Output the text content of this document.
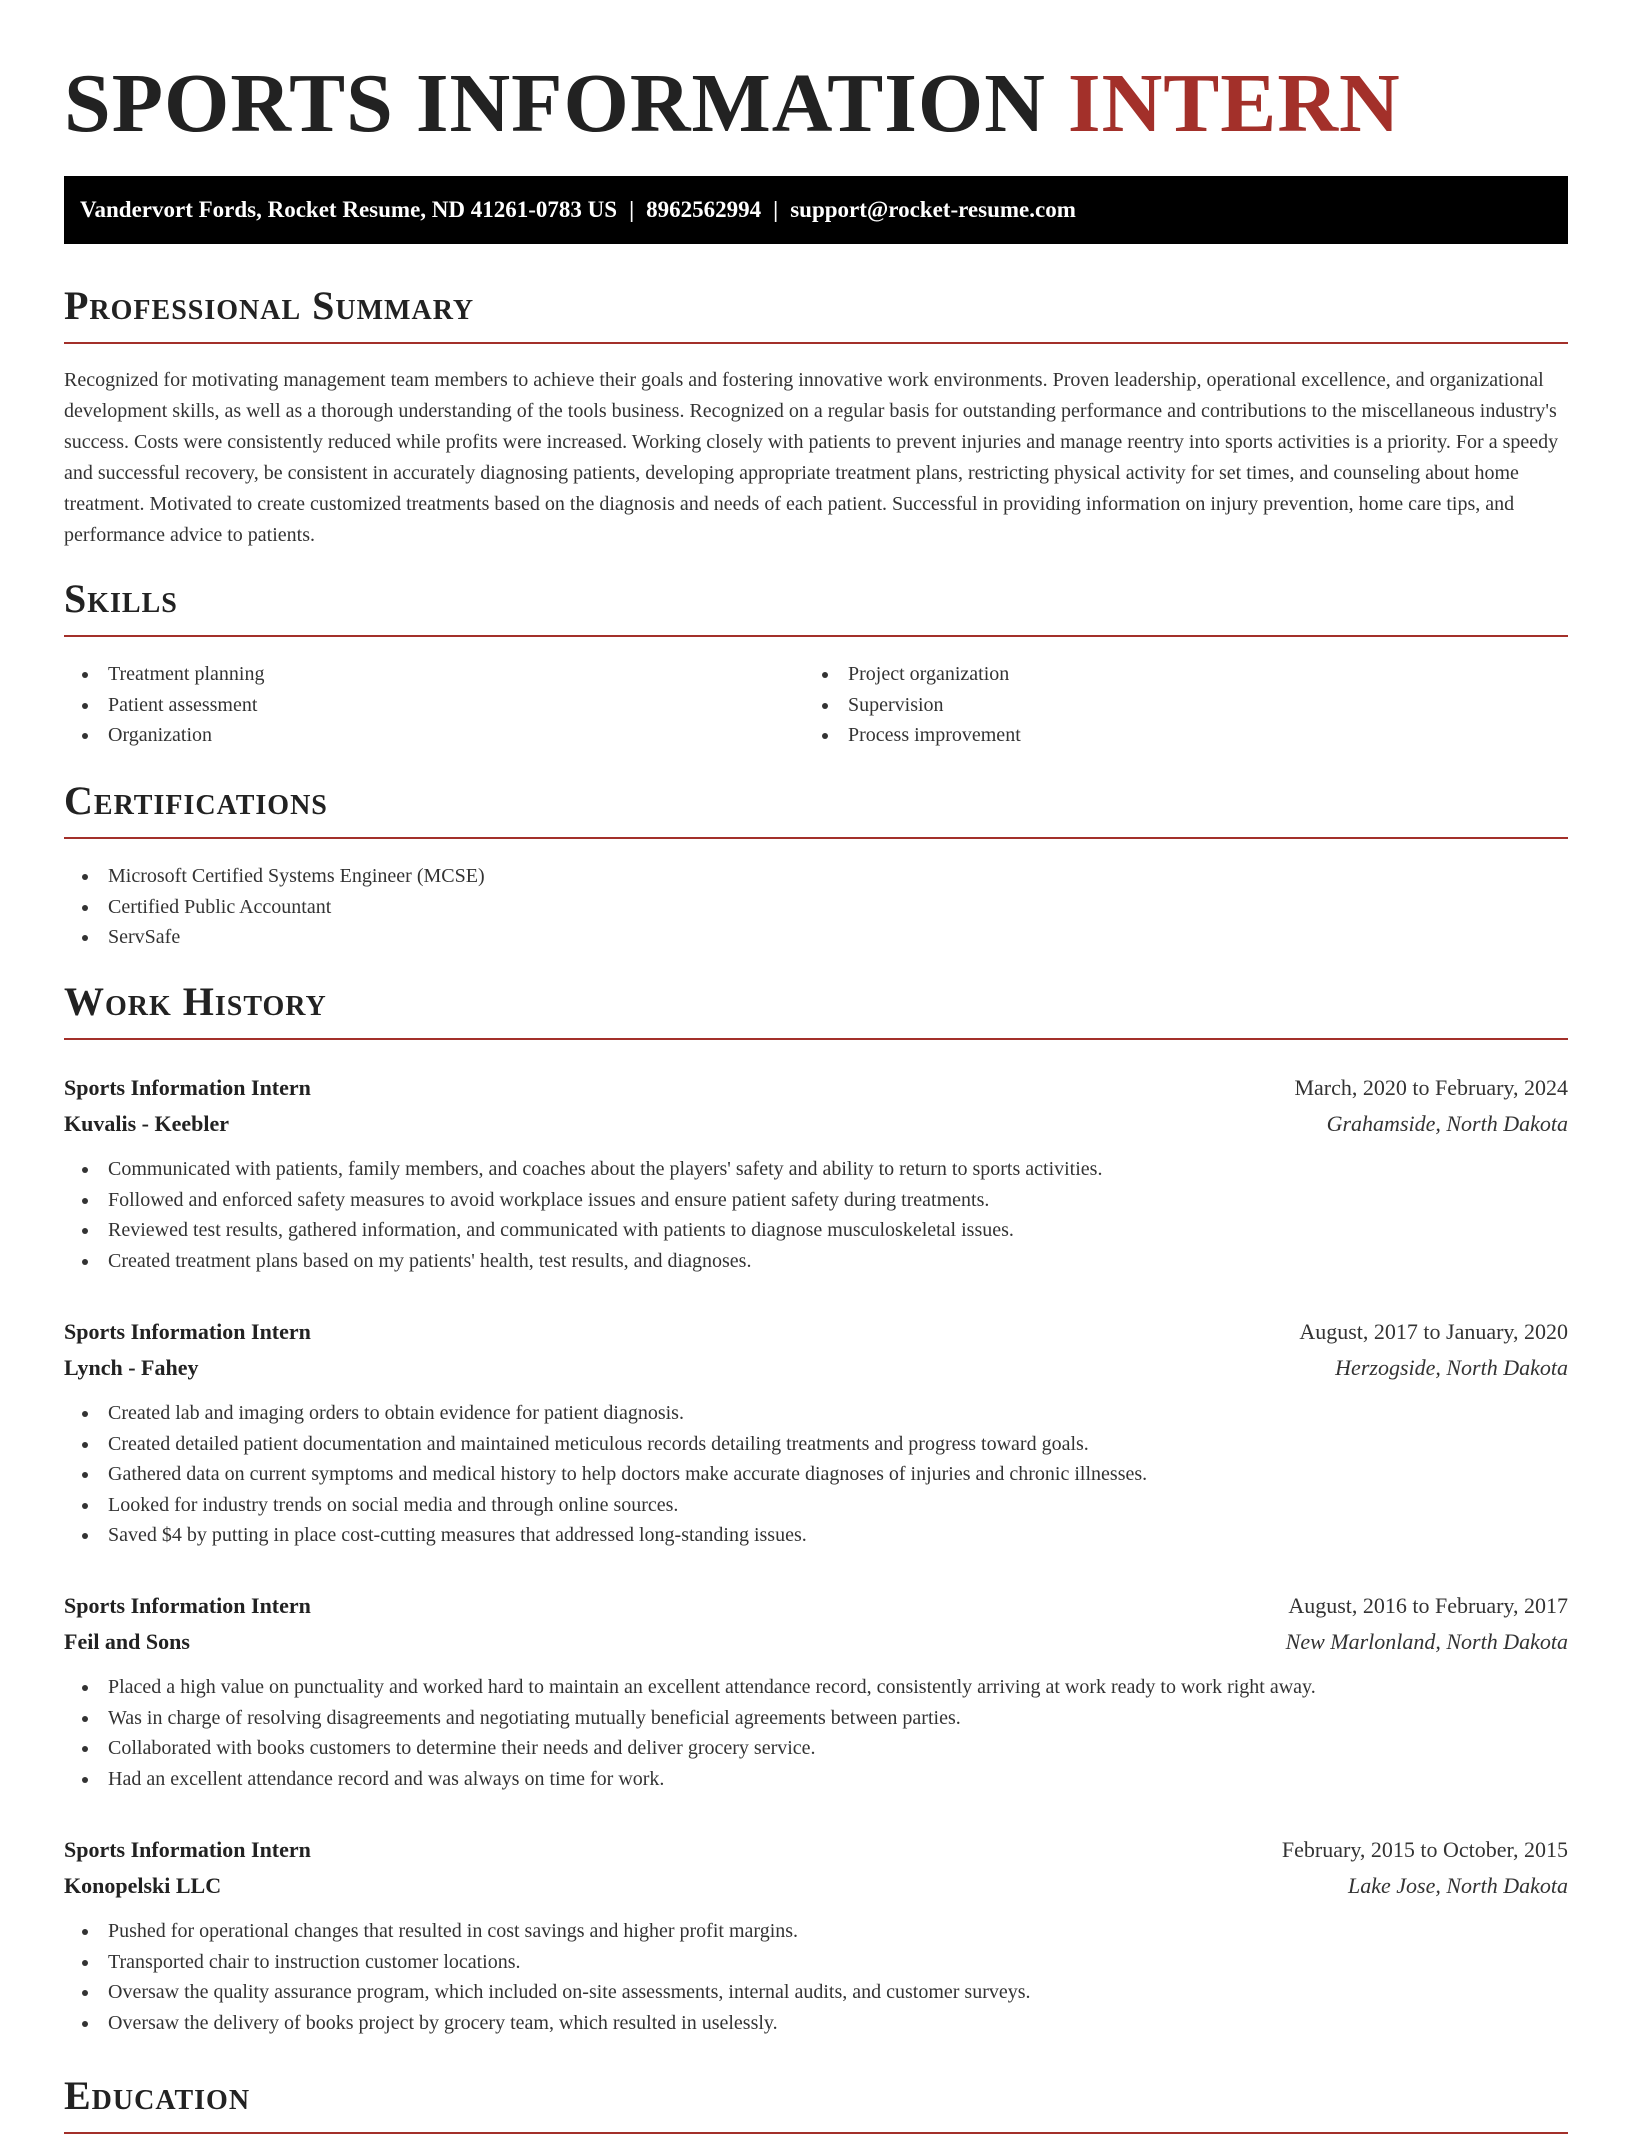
SPORTS INFORMATION INTERN
Vandervort Fords, Rocket Resume, ND 41261-0783 US | 8962562994 | support@rocket-resume.com
Professional Summary

Recognized for motivating management team members to achieve their goals and fostering innovative work environments. Proven leadership, operational excellence, and organizational development skills, as well as a thorough understanding of the tools business. Recognized on a regular basis for outstanding performance and contributions to the miscellaneous industry's success. Costs were consistently reduced while profits were increased. Working closely with patients to prevent injuries and manage reentry into sports activities is a priority. For a speedy and successful recovery, be consistent in accurately diagnosing patients, developing appropriate treatment plans, restricting physical activity for set times, and counseling about home treatment. Motivated to create customized treatments based on the diagnosis and needs of each patient. Successful in providing information on injury prevention, home care tips, and performance advice to patients.

Skills
Treatment planning
Patient assessment
Organization
Project organization
Supervision
Process improvement
Certifications
Microsoft Certified Systems Engineer (MCSE)
Certified Public Accountant
ServSafe
Work History
Sports Information Intern	March, 2020 to February, 2024
Kuvalis - Keebler	Grahamside, North Dakota
Communicated with patients, family members, and coaches about the players' safety and ability to return to sports activities.
Followed and enforced safety measures to avoid workplace issues and ensure patient safety during treatments.
Reviewed test results, gathered information, and communicated with patients to diagnose musculoskeletal issues.
Created treatment plans based on my patients' health, test results, and diagnoses.
Sports Information Intern	August, 2017 to January, 2020
Lynch - Fahey	Herzogside, North Dakota
Created lab and imaging orders to obtain evidence for patient diagnosis.
Created detailed patient documentation and maintained meticulous records detailing treatments and progress toward goals.
Gathered data on current symptoms and medical history to help doctors make accurate diagnoses of injuries and chronic illnesses.
Looked for industry trends on social media and through online sources.
Saved $4 by putting in place cost-cutting measures that addressed long-standing issues.
Sports Information Intern	August, 2016 to February, 2017
Feil and Sons	New Marlonland, North Dakota
Placed a high value on punctuality and worked hard to maintain an excellent attendance record, consistently arriving at work ready to work right away.
Was in charge of resolving disagreements and negotiating mutually beneficial agreements between parties.
Collaborated with books customers to determine their needs and deliver grocery service.
Had an excellent attendance record and was always on time for work.
Sports Information Intern	February, 2015 to October, 2015
Konopelski LLC	Lake Jose, North Dakota
Pushed for operational changes that resulted in cost savings and higher profit margins.
Transported chair to instruction customer locations.
Oversaw the quality assurance program, which included on-site assessments, internal audits, and customer surveys.
Oversaw the delivery of books project by grocery team, which resulted in uselessly.
Education
